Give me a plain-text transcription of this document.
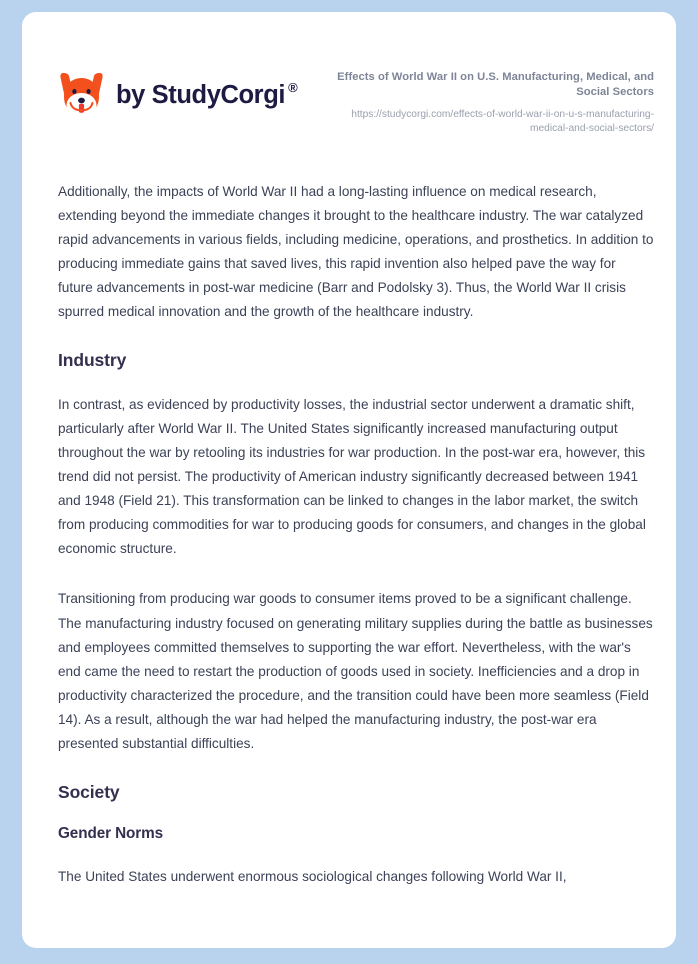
by StudyCorgi ®
Effects of World War II on U.S. Manufacturing, Medical, and Social Sectors
https://studycorgi.com/effects-of-world-war-ii-on-u-s-manufacturing-medical-and-social-sectors/

Additionally, the impacts of World War II had a long-lasting influence on medical research, extending beyond the immediate changes it brought to the healthcare industry. The war catalyzed rapid advancements in various fields, including medicine, operations, and prosthetics. In addition to producing immediate gains that saved lives, this rapid invention also helped pave the way for future advancements in post-war medicine (Barr and Podolsky 3). Thus, the World War II crisis spurred medical innovation and the growth of the healthcare industry.

Industry

In contrast, as evidenced by productivity losses, the industrial sector underwent a dramatic shift, particularly after World War II. The United States significantly increased manufacturing output throughout the war by retooling its industries for war production. In the post-war era, however, this trend did not persist. The productivity of American industry significantly decreased between 1941 and 1948 (Field 21). This transformation can be linked to changes in the labor market, the switch from producing commodities for war to producing goods for consumers, and changes in the global economic structure.

Transitioning from producing war goods to consumer items proved to be a significant challenge. The manufacturing industry focused on generating military supplies during the battle as businesses and employees committed themselves to supporting the war effort. Nevertheless, with the war's end came the need to restart the production of goods used in society. Inefficiencies and a drop in productivity characterized the procedure, and the transition could have been more seamless (Field 14). As a result, although the war had helped the manufacturing industry, the post-war era presented substantial difficulties.

Society
Gender Norms

The United States underwent enormous sociological changes following World War II,
